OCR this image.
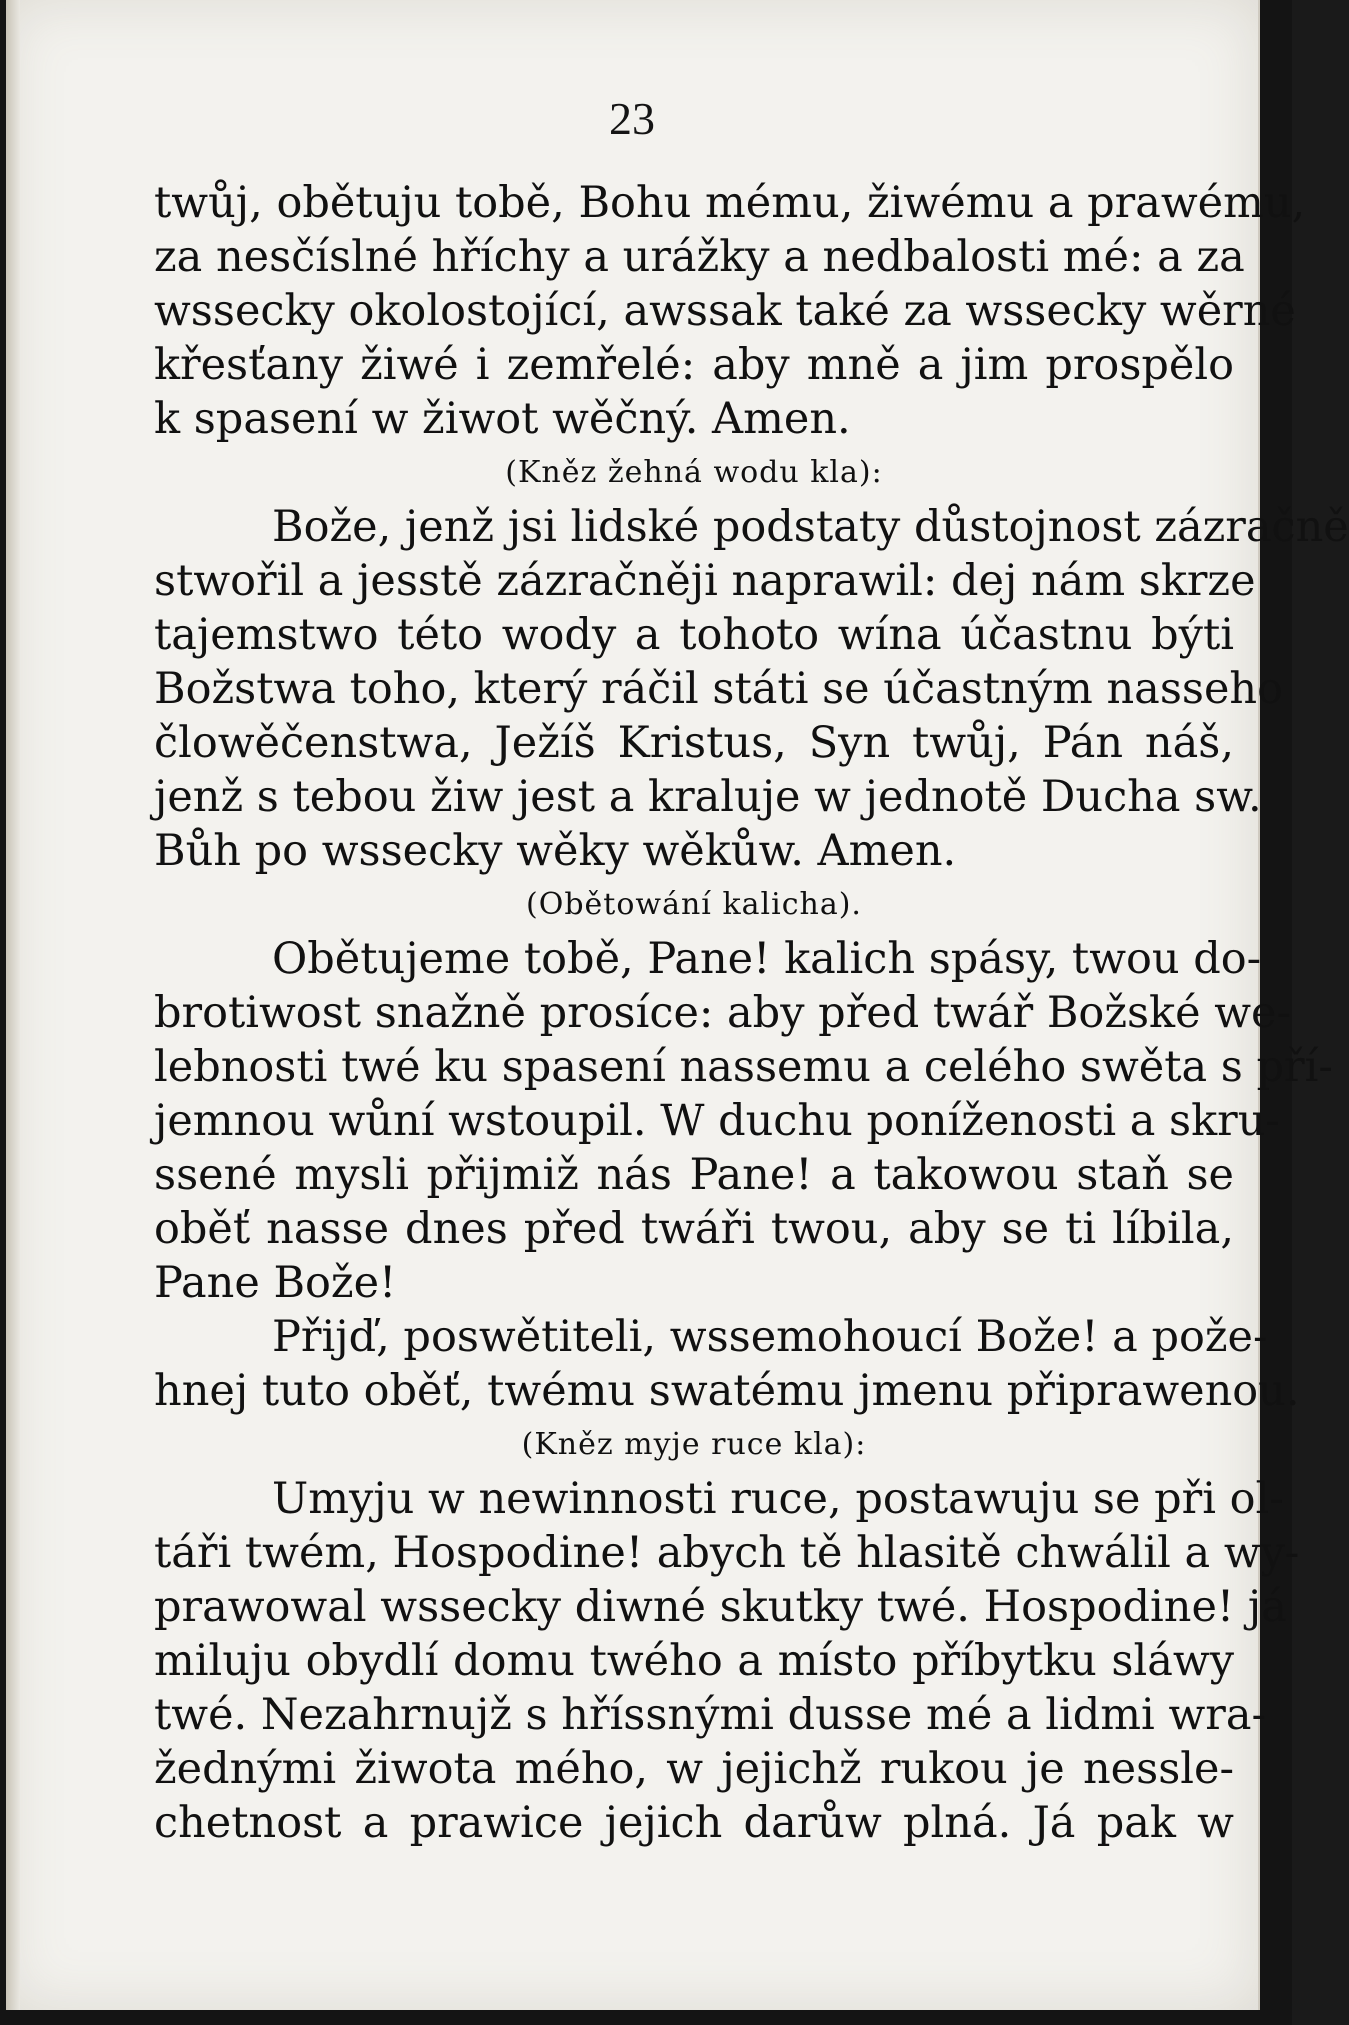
23
twůj, obětuju tobě, Bohu mému, žiwému a prawému,
za nesčíslné hříchy a urážky a nedbalosti mé: a za
wssecky okolostojící, awssak také za wssecky wěrné
křesťany žiwé i zemřelé: aby mně a jim prospělo
k spasení w žiwot wěčný. Amen.
(Kněz žehná wodu kla):
Bože, jenž jsi lidské podstaty důstojnost zázračně
stwořil a jesstě zázračněji naprawil: dej nám skrze
tajemstwo této wody a tohoto wína účastnu býti
Božstwa toho, který ráčil státi se účastným nasseho
člowěčenstwa, Ježíš Kristus, Syn twůj, Pán náš,
jenž s tebou žiw jest a kraluje w jednotě Ducha sw.
Bůh po wssecky wěky wěkůw. Amen.
(Obětowání kalicha).
Obětujeme tobě, Pane! kalich spásy, twou do-
brotiwost snažně prosíce: aby před twář Božské we-
lebnosti twé ku spasení nassemu a celého swěta s pří-
jemnou wůní wstoupil. W duchu poníženosti a skru-
ssené mysli přijmiž nás Pane! a takowou staň se
oběť nasse dnes před twáři twou, aby se ti líbila,
Pane Bože!
Přijď, poswětiteli, wssemohoucí Bože! a pože-
hnej tuto oběť, twému swatému jmenu připrawenou.
(Kněz myje ruce kla):
Umyju w newinnosti ruce, postawuju se při ol-
táři twém, Hospodine! abych tě hlasitě chwálil a wy-
prawowal wssecky diwné skutky twé. Hospodine! já
miluju obydlí domu twého a místo příbytku sláwy
twé. Nezahrnujž s hříssnými dusse mé a lidmi wra-
žednými žiwota mého, w jejichž rukou je nessle-
chetnost a prawice jejich darůw plná. Já pak w
